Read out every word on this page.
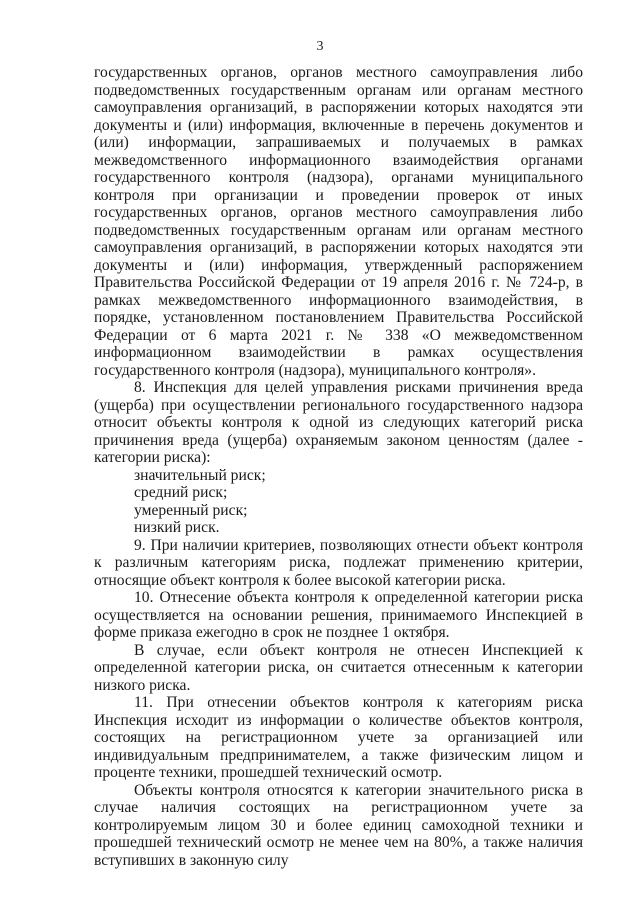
3

государственных органов, органов местного самоуправления либо подведомственных государственным органам или органам местного самоуправления организаций, в распоряжении которых находятся эти документы и (или) информация, включенные в перечень документов и (или) информации, запрашиваемых и получаемых в рамках межведомственного информационного взаимодействия органами государственного контроля (надзора), органами муниципального контроля при организации и проведении проверок от иных государственных органов, органов местного самоуправления либо подведомственных государственным органам или органам местного самоуправления организаций, в распоряжении которых находятся эти документы и (или) информация, утвержденный распоряжением Правительства Российской Федерации от 19 апреля 2016 г. № 724-р, в рамках межведомственного информационного взаимодействия, в порядке, установленном постановлением Правительства Российской Федерации от 6 марта 2021 г. № 338 «О межведомственном информационном взаимодействии в рамках осуществления государственного контроля (надзора), муниципального контроля».

8. Инспекция для целей управления рисками причинения вреда (ущерба) при осуществлении регионального государственного надзора относит объекты контроля к одной из следующих категорий риска причинения вреда (ущерба) охраняемым законом ценностям (далее - категории риска):

значительный риск;

средний риск;

умеренный риск;

низкий риск.

9. При наличии критериев, позволяющих отнести объект контроля к различным категориям риска, подлежат применению критерии, относящие объект контроля к более высокой категории риска.

10. Отнесение объекта контроля к определенной категории риска осуществляется на основании решения, принимаемого Инспекцией в форме приказа ежегодно в срок не позднее 1 октября.

В случае, если объект контроля не отнесен Инспекцией к определенной категории риска, он считается отнесенным к категории низкого риска.

11. При отнесении объектов контроля к категориям риска Инспекция исходит из информации о количестве объектов контроля, состоящих на регистрационном учете за организацией или индивидуальным предпринимателем, а также физическим лицом и проценте техники, прошедшей технический осмотр.

Объекты контроля относятся к категории значительного риска в случае наличия состоящих на регистрационном учете за контролируемым лицом 30 и более единиц самоходной техники и прошедшей технический осмотр не менее чем на 80%, а также наличия вступивших в законную силу
